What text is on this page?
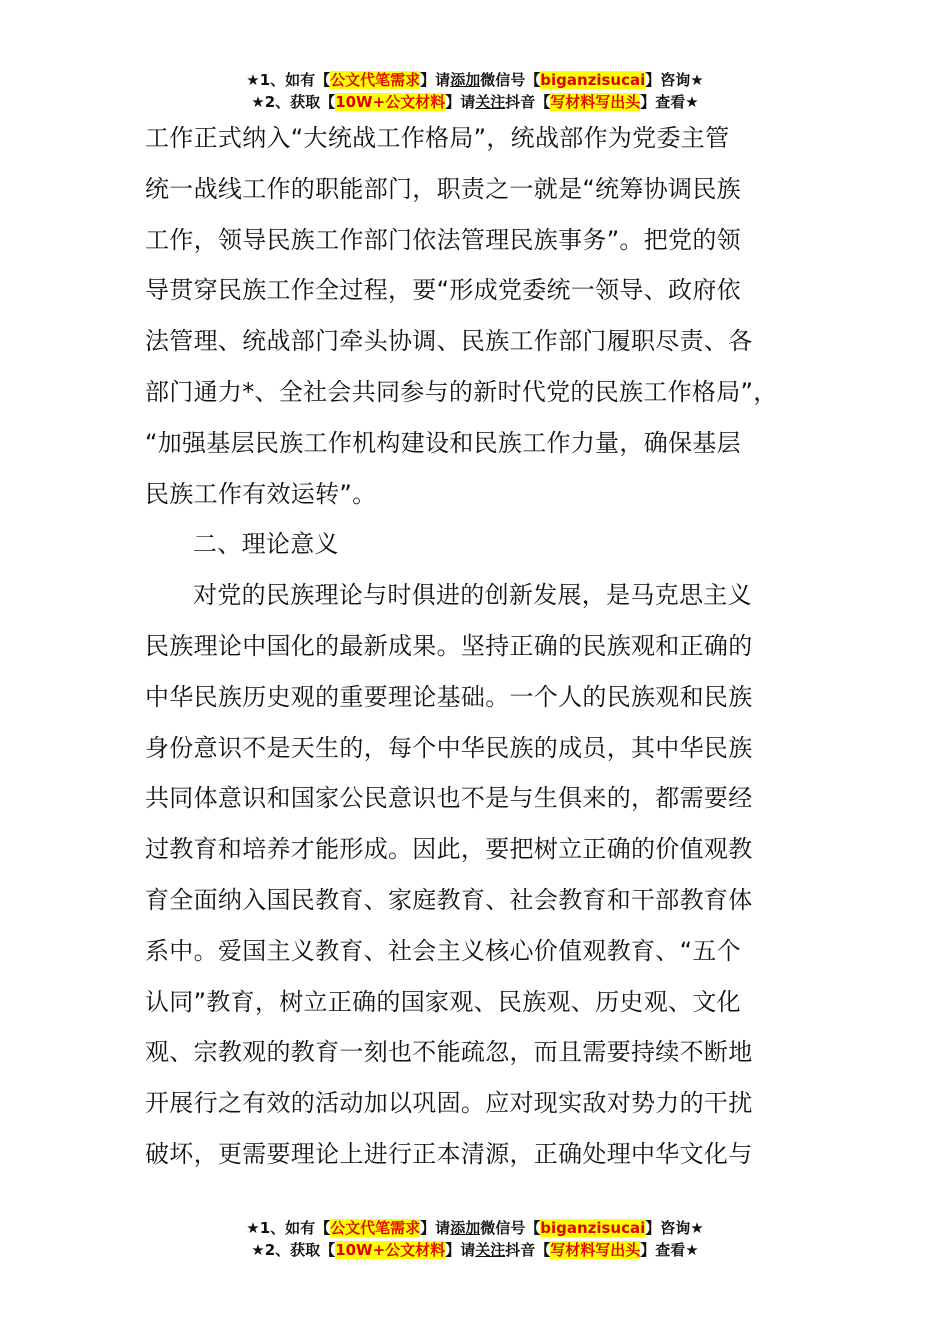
★1、如有【公文代笔需求】请添加微信号【biganzisucai】咨询★
★2、获取【10W+公文材料】请关注抖音【写材料写出头】查看★
工作正式纳入“大统战工作格局”，统战部作为党委主管
统一战线工作的职能部门，职责之一就是“统筹协调民族
工作，领导民族工作部门依法管理民族事务”。把党的领
导贯穿民族工作全过程，要“形成党委统一领导、政府依
法管理、统战部门牵头协调、民族工作部门履职尽责、各
部门通力*、全社会共同参与的新时代党的民族工作格局”，
“加强基层民族工作机构建设和民族工作力量，确保基层
民族工作有效运转”。
二、理论意义
对党的民族理论与时俱进的创新发展，是马克思主义
民族理论中国化的最新成果。坚持正确的民族观和正确的
中华民族历史观的重要理论基础。一个人的民族观和民族
身份意识不是天生的，每个中华民族的成员，其中华民族
共同体意识和国家公民意识也不是与生俱来的，都需要经
过教育和培养才能形成。因此，要把树立正确的价值观教
育全面纳入国民教育、家庭教育、社会教育和干部教育体
系中。爱国主义教育、社会主义核心价值观教育、“五个
认同”教育，树立正确的国家观、民族观、历史观、文化
观、宗教观的教育一刻也不能疏忽，而且需要持续不断地
开展行之有效的活动加以巩固。应对现实敌对势力的干扰
破坏，更需要理论上进行正本清源，正确处理中华文化与
★1、如有【公文代笔需求】请添加微信号【biganzisucai】咨询★
★2、获取【10W+公文材料】请关注抖音【写材料写出头】查看★
